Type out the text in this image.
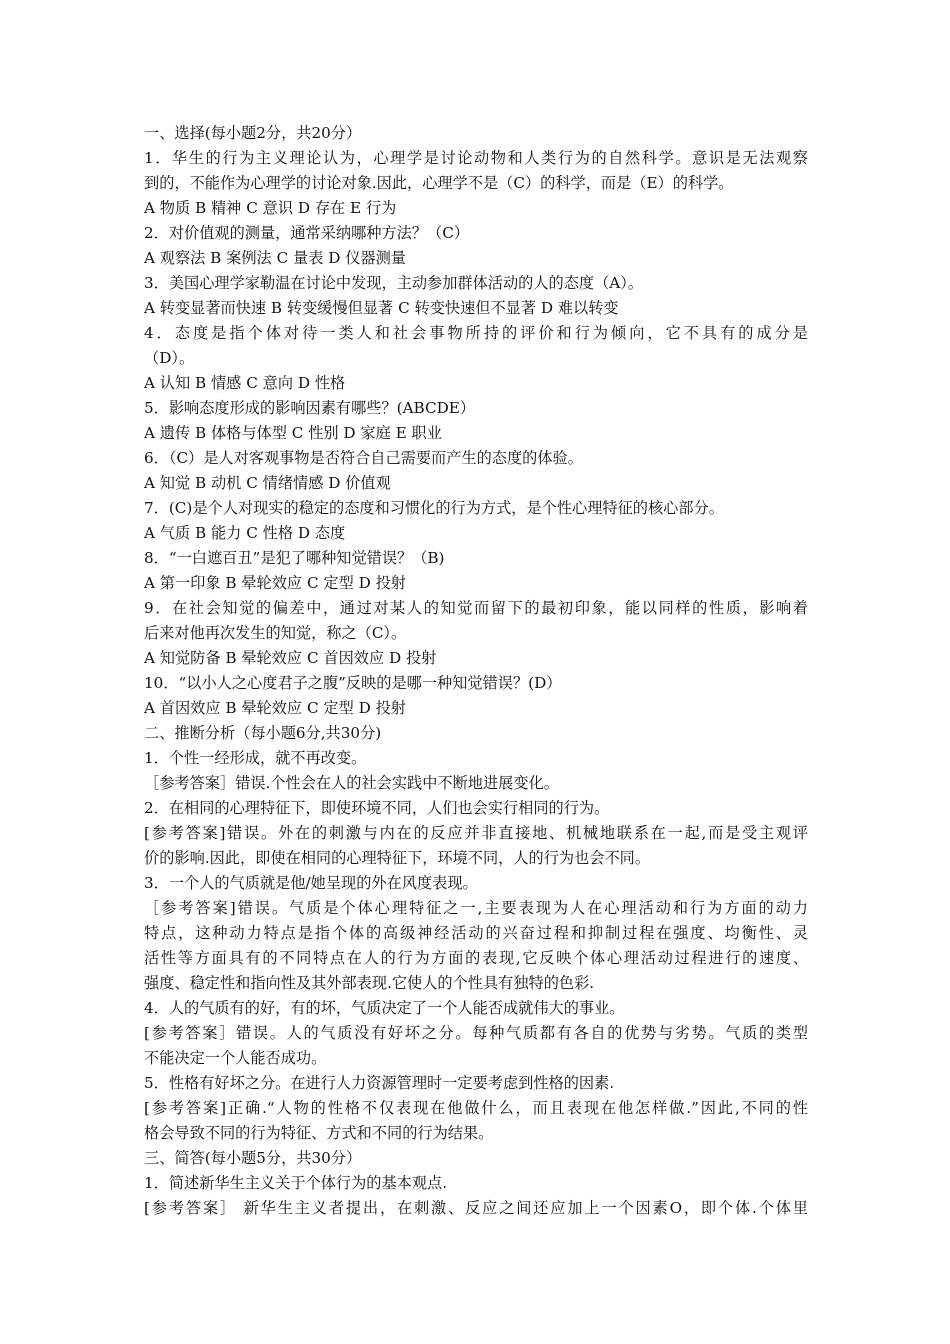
一、选择(每小题2分，共20分）
1．华生的行为主义理论认为，心理学是讨论动物和人类行为的自然科学。意识是无法观察
到的，不能作为心理学的讨论对象.因此，心理学不是（C）的科学，而是（E）的科学。
A 物质 B 精神 C 意识 D 存在 E 行为
2．对价值观的测量，通常采纳哪种方法？（C）
A 观察法 B 案例法 C 量表 D 仪器测量
3．美国心理学家勒温在讨论中发现，主动参加群体活动的人的态度（A）。
A 转变显著而快速 B 转变缓慢但显著 C 转变快速但不显著 D 难以转变
4．态度是指个体对待一类人和社会事物所持的评价和行为倾向，它不具有的成分是
（D）。
A 认知 B 情感 C 意向 D 性格
5．影响态度形成的影响因素有哪些？(ABCDE）
A 遗传 B 体格与体型 C 性别 D 家庭 E 职业
6．（C）是人对客观事物是否符合自己需要而产生的态度的体验。
A 知觉 B 动机 C 情绪情感 D 价值观
7．(C)是个人对现实的稳定的态度和习惯化的行为方式，是个性心理特征的核心部分。
A 气质 B 能力 C 性格 D 态度
8．“一白遮百丑”是犯了哪种知觉错误？（B)
A 第一印象 B 晕轮效应 C 定型 D 投射
9．在社会知觉的偏差中，通过对某人的知觉而留下的最初印象，能以同样的性质，影响着
后来对他再次发生的知觉，称之（C）。
A 知觉防备 B 晕轮效应 C 首因效应 D 投射
10．“以小人之心度君子之腹”反映的是哪一种知觉错误？(D）
A 首因效应 B 晕轮效应 C 定型 D 投射
二、推断分析（每小题6分,共30分)
1．个性一经形成，就不再改变。
［参考答案］错误.个性会在人的社会实践中不断地进展变化。
2．在相同的心理特征下，即使环境不同，人们也会实行相同的行为。
[参考答案]错误。外在的刺激与内在的反应并非直接地、机械地联系在一起,而是受主观评
价的影响.因此，即使在相同的心理特征下，环境不同，人的行为也会不同。
3．一个人的气质就是他/她呈现的外在风度表现。
［参考答案]错误。气质是个体心理特征之一,主要表现为人在心理活动和行为方面的动力
特点，这种动力特点是指个体的高级神经活动的兴奋过程和抑制过程在强度、均衡性、灵
活性等方面具有的不同特点在人的行为方面的表现,它反映个体心理活动过程进行的速度、
强度、稳定性和指向性及其外部表现.它使人的个性具有独特的色彩.
4．人的气质有的好，有的坏，气质决定了一个人能否成就伟大的事业。
[参考答案］错误。人的气质没有好坏之分。每种气质都有各自的优势与劣势。气质的类型
不能决定一个人能否成功。
5．性格有好坏之分。在进行人力资源管理时一定要考虑到性格的因素.
[参考答案]正确.“人物的性格不仅表现在他做什么，而且表现在他怎样做.”因此,不同的性
格会导致不同的行为特征、方式和不同的行为结果。
三、简答(每小题5分，共30分）
1．简述新华生主义关于个体行为的基本观点.
[参考答案］ 新华生主义者提出，在刺激、反应之间还应加上一个因素O，即个体.个体里
